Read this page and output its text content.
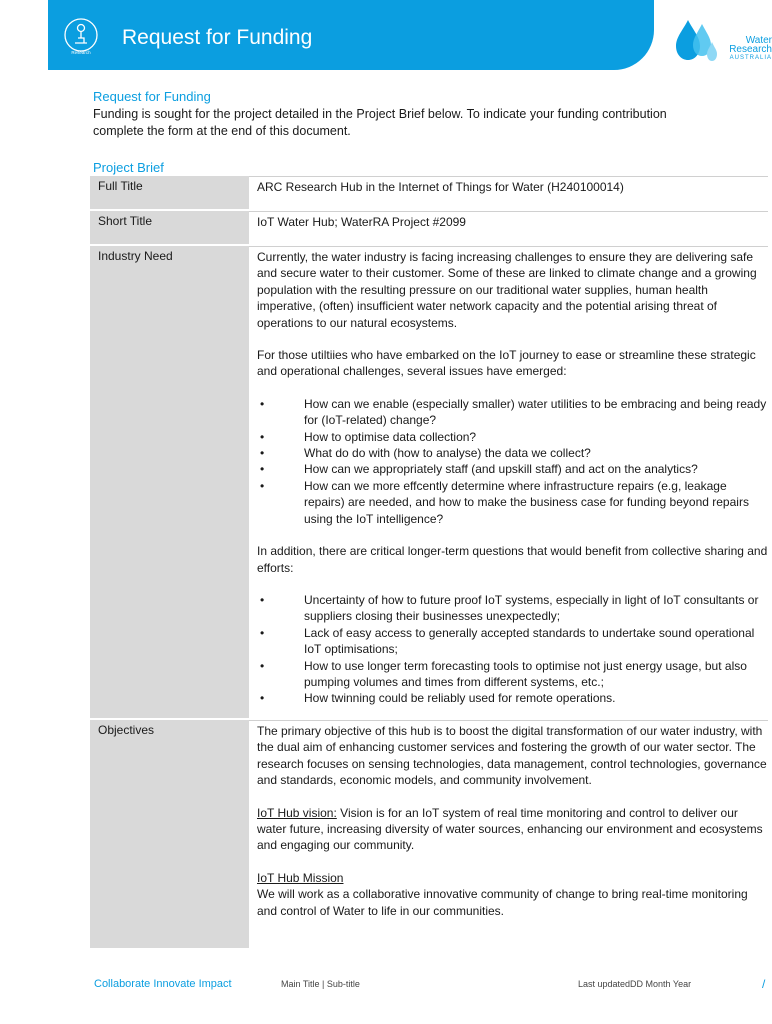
Research
Request for Funding	Water
Research
AUSTRALIA
Request for Funding
Funding is sought for the project detailed in the Project Brief below. To indicate your funding contribution complete the form at the end of this document.
Project Brief
Full Title	ARC Research Hub in the Internet of Things for Water (H240100014)
Short Title	IoT Water Hub; WaterRA Project #2099
Industry Need	Currently, the water industry is facing increasing challenges to ensure they are delivering safe and secure water to their customer. Some of these are linked to climate change and a growing population with the resulting pressure on our traditional water supplies, human health imperative, (often) insufficient water network capacity and the potential arising threat of operations to our natural ecosystems.
For those utiltiies who have embarked on the IoT journey to ease or streamline these strategic and operational challenges, several issues have emerged:
• How can we enable (especially smaller) water utilities to be embracing and being ready for (IoT-related) change?
• How to optimise data collection?
• What do do with (how to analyse) the data we collect?
• How can we appropriately staff (and upskill staff) and act on the analytics?
• How can we more effcently determine where infrastructure repairs (e.g, leakage repairs) are needed, and how to make the business case for funding beyond repairs using the IoT intelligence?
In addition, there are critical longer-term questions that would benefit from collective sharing and efforts:
• Uncertainty of how to future proof IoT systems, especially in light of IoT consultants or suppliers closing their businesses unexpectedly;
• Lack of easy access to generally accepted standards to undertake sound operational IoT optimisations;
• How to use longer term forecasting tools to optimise not just energy usage, but also pumping volumes and times from different systems, etc.;
• How twinning could be reliably used for remote operations.
Objectives	The primary objective of this hub is to boost the digital transformation of our water industry, with the dual aim of enhancing customer services and fostering the growth of our water sector. The research focuses on sensing technologies, data management, control technologies, governance and standards, economic models, and community involvement.
IoT Hub vision: Vision is for an IoT system of real time monitoring and control to deliver our water future, increasing diversity of water sources, enhancing our environment and ecosystems and engaging our community.
IoT Hub Mission
We will work as a collaborative innovative community of change to bring real-time monitoring and control of Water to life in our communities.
Collaborate Innovate Impact	Main Title | Sub-title	Last updatedDD Month Year	/
